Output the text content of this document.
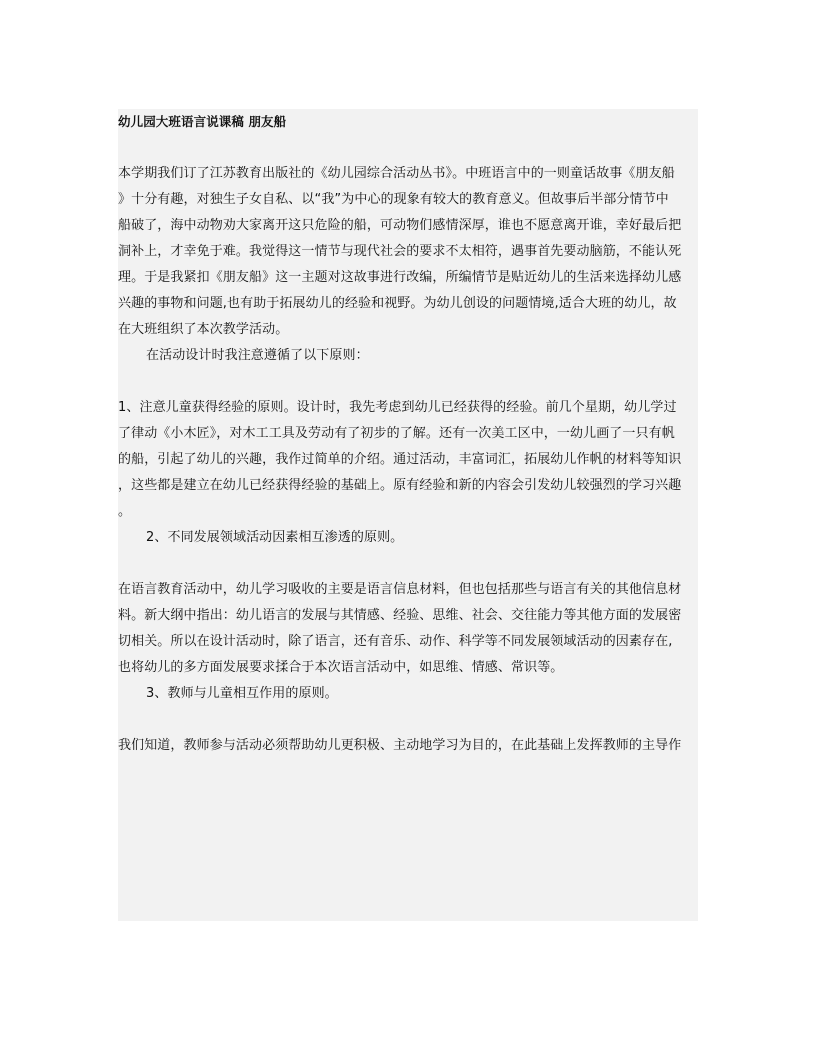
幼儿园大班语言说课稿 朋友船
本学期我们订了江苏教育出版社的《幼儿园综合活动丛书》。中班语言中的一则童话故事《朋友船
》十分有趣，对独生子女自私、以“我”为中心的现象有较大的教育意义。但故事后半部分情节中
船破了，海中动物劝大家离开这只危险的船，可动物们感情深厚，谁也不愿意离开谁，幸好最后把
洞补上，才幸免于难。我觉得这一情节与现代社会的要求不太相符，遇事首先要动脑筋，不能认死
理。于是我紧扣《朋友船》这一主题对这故事进行改编，所编情节是贴近幼儿的生活来选择幼儿感
兴趣的事物和问题,也有助于拓展幼儿的经验和视野。为幼儿创设的问题情境,适合大班的幼儿，故
在大班组织了本次教学活动。
在活动设计时我注意遵循了以下原则：
1、注意儿童获得经验的原则。设计时，我先考虑到幼儿已经获得的经验。前几个星期，幼儿学过
了律动《小木匠》，对木工工具及劳动有了初步的了解。还有一次美工区中，一幼儿画了一只有帆
的船，引起了幼儿的兴趣，我作过简单的介绍。通过活动，丰富词汇，拓展幼儿作帆的材料等知识
，这些都是建立在幼儿已经获得经验的基础上。原有经验和新的内容会引发幼儿较强烈的学习兴趣
。
2、不同发展领域活动因素相互渗透的原则。
在语言教育活动中，幼儿学习吸收的主要是语言信息材料，但也包括那些与语言有关的其他信息材
料。新大纲中指出：幼儿语言的发展与其情感、经验、思维、社会、交往能力等其他方面的发展密
切相关。所以在设计活动时，除了语言，还有音乐、动作、科学等不同发展领域活动的因素存在,
也将幼儿的多方面发展要求揉合于本次语言活动中，如思维、情感、常识等。
3、教师与儿童相互作用的原则。
我们知道，教师参与活动必须帮助幼儿更积极、主动地学习为目的，在此基础上发挥教师的主导作
